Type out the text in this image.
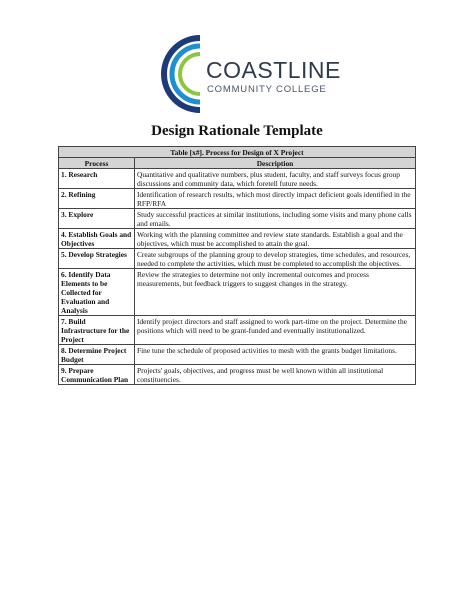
COASTLINE
COMMUNITY COLLEGE
Design Rationale Template
Table [x#]. Process for Design of X Project	
Process	Description
1. Research	Quantitative and qualitative numbers, plus student, faculty, and staff surveys focus group discussions and community data, which foretell future needs.
2. Refining	Identification of research results, which most directly impact deficient goals identified in the RFP/RFA
3. Explore	Study successful practices at similar institutions, including some visits and many phone calls and emails.
4. Establish Goals and Objectives	Working with the planning committee and review state standards. Establish a goal and the objectives, which must be accomplished to attain the goal.
5. Develop Strategies	Create subgroups of the planning group to develop strategies, time schedules, and resources, needed to complete the activities, which must be completed to accomplish the objectives.
6. Identify Data Elements to be Collected for Evaluation and Analysis	Review the strategies to determine not only incremental outcomes and process measurements, but feedback triggers to suggest changes in the strategy.
7. Build Infrastructure for the Project	Identify project directors and staff assigned to work part-time on the project. Determine the positions which will need to be grant-funded and eventually institutionalized.
8. Determine Project Budget	Fine tune the schedule of proposed activities to mesh with the grants budget limitations.
9. Prepare Communication Plan	Projects' goals, objectives, and progress must be well known within all institutional constituencies.
